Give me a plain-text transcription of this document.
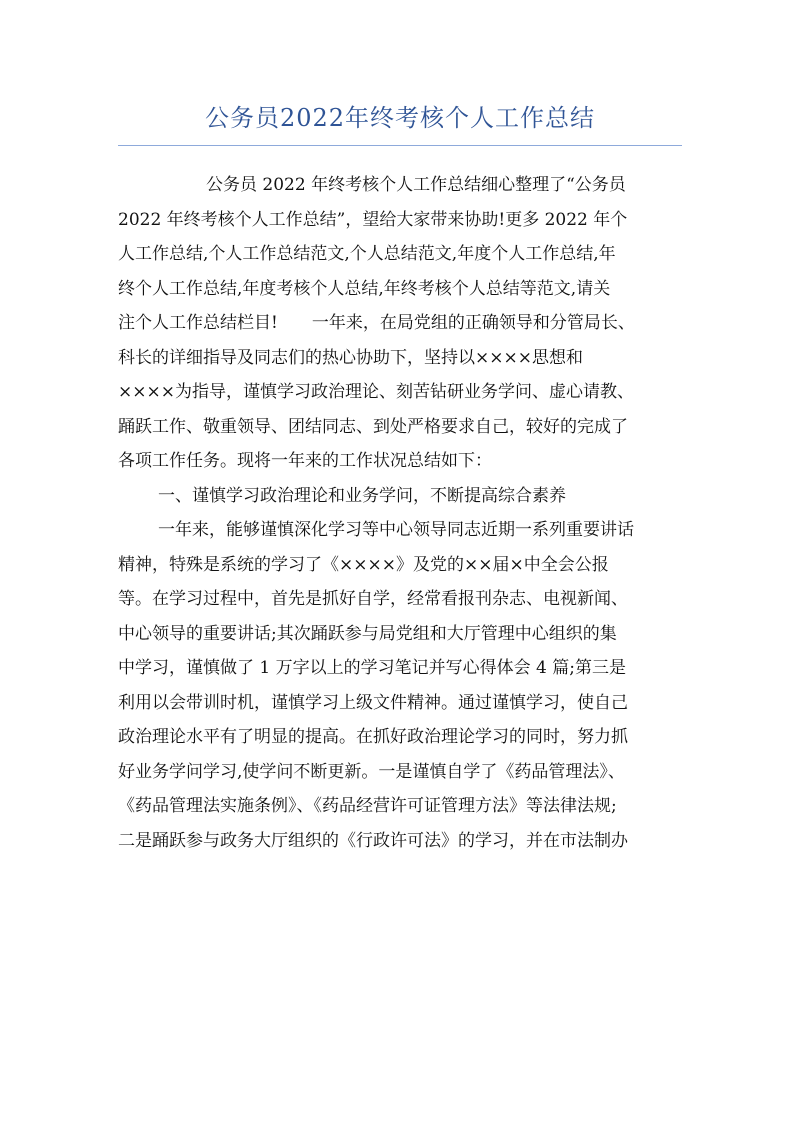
公务员2022年终考核个人工作总结
公务员 2022 年终考核个人工作总结细心整理了“公务员
2022 年终考核个人工作总结”，望给大家带来协助!更多 2022 年个
人工作总结,个人工作总结范文,个人总结范文,年度个人工作总结,年
终个人工作总结,年度考核个人总结,年终考核个人总结等范文,请关
注个人工作总结栏目!　　一年来，在局党组的正确领导和分管局长、
科长的详细指导及同志们的热心协助下，坚持以××××思想和
××××为指导，谨慎学习政治理论、刻苦钻研业务学问、虚心请教、
踊跃工作、敬重领导、团结同志、到处严格要求自己，较好的完成了
各项工作任务。现将一年来的工作状况总结如下：
一、谨慎学习政治理论和业务学问，不断提高综合素养
一年来，能够谨慎深化学习等中心领导同志近期一系列重要讲话
精神，特殊是系统的学习了《××××》及党的××届×中全会公报
等。在学习过程中，首先是抓好自学，经常看报刊杂志、电视新闻、
中心领导的重要讲话;其次踊跃参与局党组和大厅管理中心组织的集
中学习，谨慎做了 1 万字以上的学习笔记并写心得体会 4 篇;第三是
利用以会带训时机，谨慎学习上级文件精神。通过谨慎学习，使自己
政治理论水平有了明显的提高。在抓好政治理论学习的同时，努力抓
好业务学问学习,使学问不断更新。一是谨慎自学了《药品管理法》、
《药品管理法实施条例》、《药品经营许可证管理方法》等法律法规;
二是踊跃参与政务大厅组织的《行政许可法》的学习，并在市法制办
